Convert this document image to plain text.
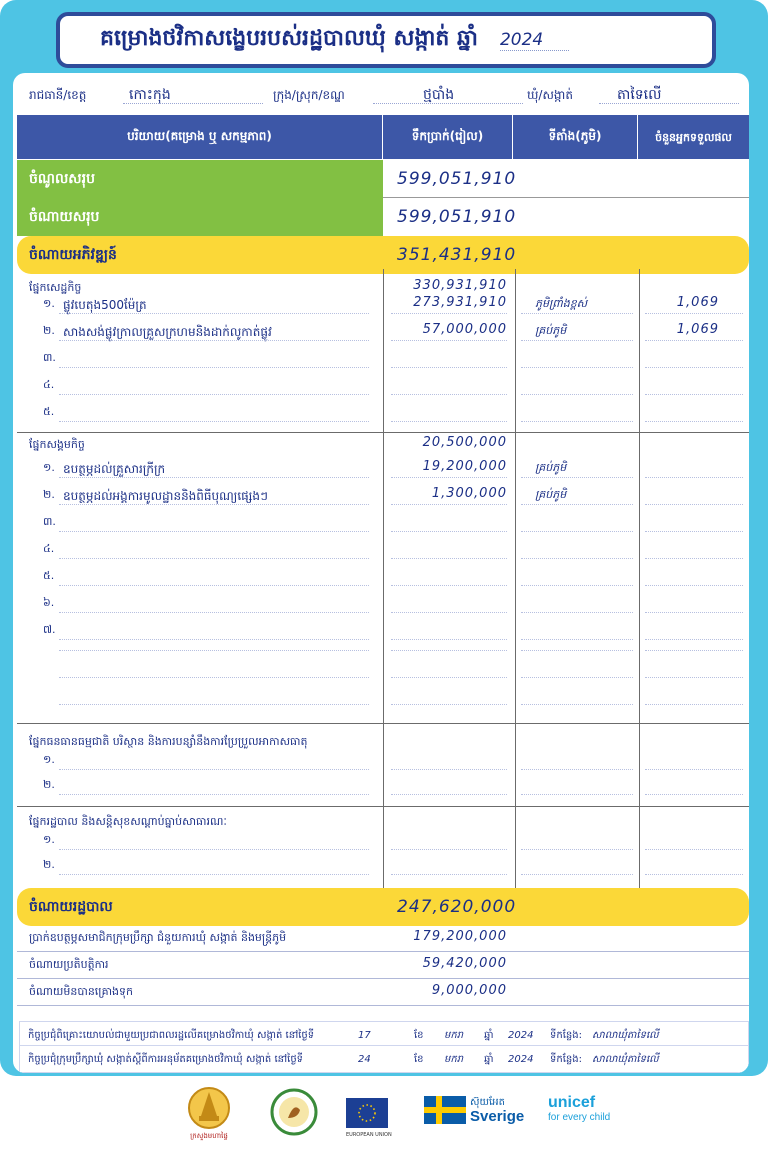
គម្រោងថវិកាសង្ខេបរបស់រដ្ឋបាលឃុំ សង្កាត់ ឆ្នាំ 2024
រាជធានី/ខេត្ត	កោះកុង	ក្រុង/ស្រុក/ខណ្ឌ	ថ្មបាំង	ឃុំ/សង្កាត់	តាទៃលើ
បរិយាយ(គម្រោង ឬ សកម្មភាព)	ទឹកប្រាក់(រៀល)	ទីតាំង(ភូមិ)	ចំនួនអ្នកទទួលផល
ចំណូលសរុប	599,051,910
ចំណាយសរុប	599,051,910
ចំណាយអភិវឌ្ឍន៍	351,431,910
ផ្នែកសេដ្ឋកិច្ច	330,931,910
១. ផ្លូវបេតុង500ម៉ែត្រ	273,931,910	ភូមិព្រាំងខ្ពស់	1,069
២. សាងសង់ផ្លូវក្រាលគ្រួសក្រហមនិងដាក់លូកាត់ផ្លូវ	57,000,000	គ្រប់ភូមិ	1,069
៣.
៤.
៥.
ផ្នែកសង្គមកិច្ច	20,500,000
១. ឧបត្ថម្ភដល់គ្រួសារក្រីក្រ	19,200,000	គ្រប់ភូមិ
២. ឧបត្ថម្ភដល់អង្គការមូលដ្ឋាននិងពិធីបុណ្យផ្សេងៗ	1,300,000	គ្រប់ភូមិ
៣.
៤.
៥.
៦.
៧.
ផ្នែកធនធានធម្មជាតិ បរិស្ថាន និងការបន្សាំនឹងការប្រែប្រួលអាកាសធាតុ
១.
២.
ផ្នែករដ្ឋបាល និងសន្តិសុខសណ្តាប់ធ្នាប់សាធារណៈ
១.
២.
ចំណាយរដ្ឋបាល	247,620,000
ប្រាក់ឧបត្ថម្ភសមាជិកក្រុមប្រឹក្សា ជំនួយការឃុំ សង្កាត់ និងមន្ត្រីភូមិ	179,200,000
ចំណាយប្រតិបត្តិការ	59,420,000
ចំណាយមិនបានគ្រោងទុក	9,000,000
កិច្ចប្រជុំពិគ្រោះយោបល់ជាមួយប្រជាពលរដ្ឋលើគម្រោងថវិកាឃុំ សង្កាត់ នៅថ្ងៃទី	17	ខែ មករា ឆ្នាំ 2024 ទីកន្លែង: សាលាឃុំតាទៃលើ
កិច្ចប្រជុំក្រុមប្រឹក្សាឃុំ សង្កាត់ស្តីពីការអនុម័តគម្រោងថវិកាឃុំ សង្កាត់ នៅថ្ងៃទី	24	ខែ មករា ឆ្នាំ 2024 ទីកន្លែង: សាលាឃុំតាទៃលើ
ក្រសួងមហាផ្ទៃ	EUROPEAN UNION
ស៊ុយអែត
Sverige
unicef
for every child
